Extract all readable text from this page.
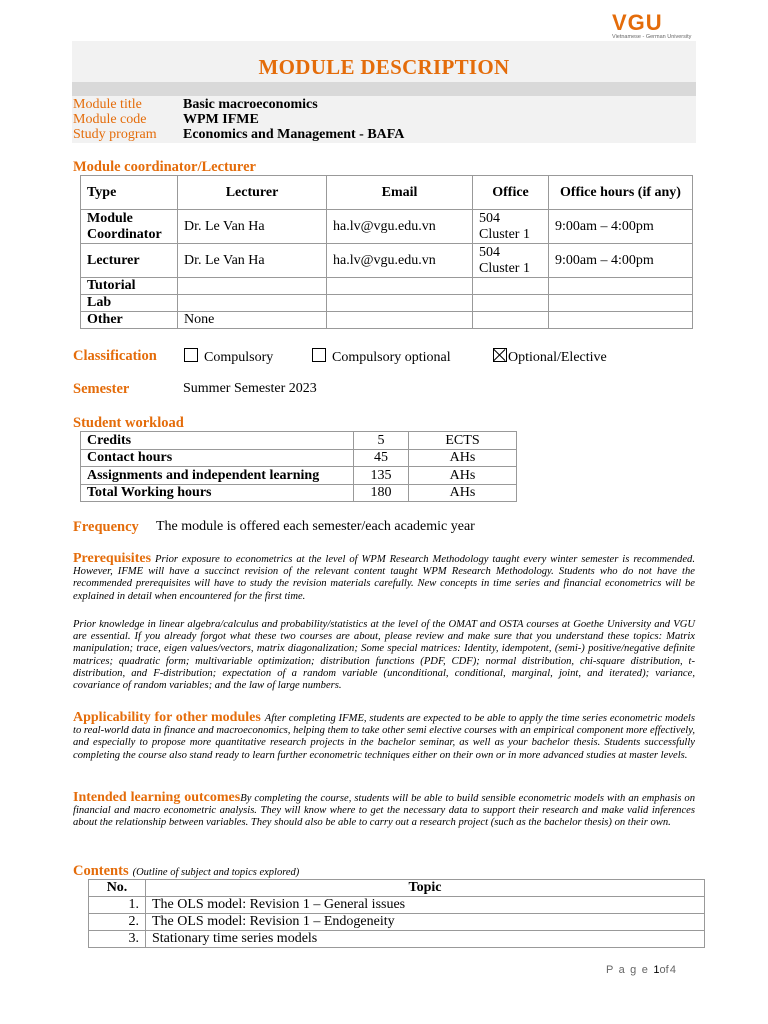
VGU
Vietnamese - German University
MODULE DESCRIPTION
Module title	Basic macroeconomics
Module code	WPM IFME
Study program Economics and Management - BAFA
Module coordinator/Lecturer
Type	Lecturer	Email	Office	Office hours (if any)
Module Coordinator	Dr. Le Van Ha	ha.lv@vgu.edu.vn	504 Cluster 1	9:00am – 4:00pm
Lecturer	Dr. Le Van Ha	ha.lv@vgu.edu.vn	504 Cluster 1	9:00am – 4:00pm
Tutorial				
Lab				
Other	None			
Classification	Compulsory	Compulsory optional	Optional/Elective
Semester	Summer Semester 2023
Student workload
Credits	5	ECTS
Contact hours	45	AHs
Assignments and independent learning	135	AHs
Total Working hours	180	AHs
Frequency The module is offered each semester/each academic year
Prerequisites Prior exposure to econometrics at the level of WPM Research Methodology taught every winter semester is recommended. However, IFME will have a succinct revision of the relevant content taught WPM Research Methodology. Students who do not have the recommended prerequisites will have to study the revision materials carefully. New concepts in time series and financial econometrics will be explained in detail when encountered for the first time.
Prior knowledge in linear algebra/calculus and probability/statistics at the level of the OMAT and OSTA courses at Goethe University and VGU are essential. If you already forgot what these two courses are about, please review and make sure that you understand these topics: Matrix manipulation; trace, eigen values/vectors, matrix diagonalization; Some special matrices: Identity, idempotent, (semi-) positive/negative definite matrices; quadratic form; multivariable optimization; distribution functions (PDF, CDF); normal distribution, chi-square distribution, t-distribution, and F-distribution; expectation of a random variable (unconditional, conditional, marginal, joint, and iterated); variance, covariance of random variables; and the law of large numbers.
Applicability for other modules After completing IFME, students are expected to be able to apply the time series econometric models to real-world data in finance and macroeconomics, helping them to take other semi elective courses with an empirical component more effectively, and especially to propose more quantitative research projects in the bachelor seminar, as well as your bachelor thesis. Students successfully completing the course also stand ready to learn further econometric techniques either on their own or in more advanced studies at master levels.
Intended learning outcomesBy completing the course, students will be able to build sensible econometric models with an emphasis on financial and macro econometric analysis. They will know where to get the necessary data to support their research and make valid inferences about the relationship between variables. They should also be able to carry out a research project (such as the bachelor thesis) on their own.
Contents (Outline of subject and topics explored)
No.	Topic
1.	The OLS model: Revision 1 – General issues
2.	The OLS model: Revision 1 – Endogeneity
3.	Stationary time series models
P a g e 1of 4
